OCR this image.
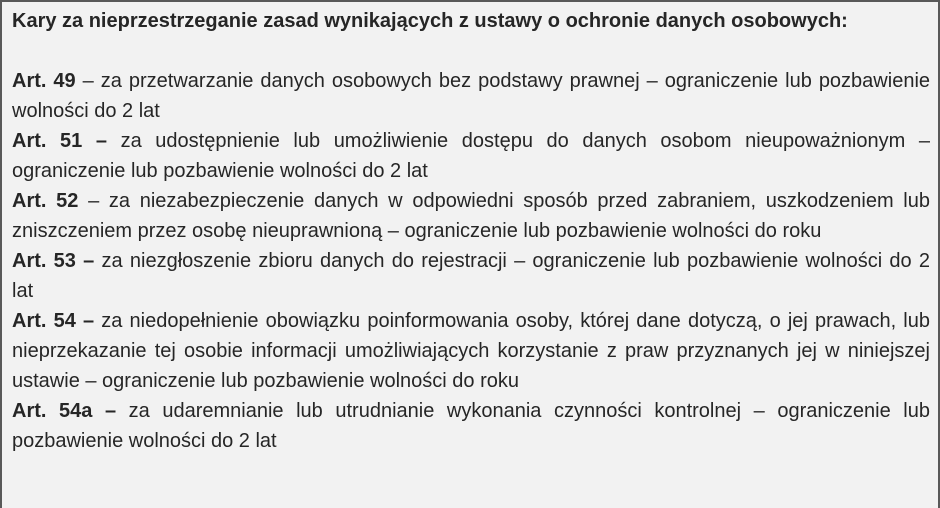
Kary za nieprzestrzeganie zasad wynikających z ustawy o ochronie danych osobowych:

Art. 49 – za przetwarzanie danych osobowych bez podstawy prawnej – ograniczenie lub pozbawienie wolności do 2 lat

Art. 51 – za udostępnienie lub umożliwienie dostępu do danych osobom nieupoważnionym – ograniczenie lub pozbawienie wolności do 2 lat

Art. 52 – za niezabezpieczenie danych w odpowiedni sposób przed zabraniem, uszkodzeniem lub zniszczeniem przez osobę nieuprawnioną – ograniczenie lub pozbawienie wolności do roku

Art. 53 – za niezgłoszenie zbioru danych do rejestracji – ograniczenie lub pozbawienie wolności do 2 lat

Art. 54 – za niedopełnienie obowiązku poinformowania osoby, której dane dotyczą, o jej prawach, lub nieprzekazanie tej osobie informacji umożliwiających korzystanie z praw przyznanych jej w niniejszej ustawie – ograniczenie lub pozbawienie wolności do roku

Art. 54a – za udaremnianie lub utrudnianie wykonania czynności kontrolnej – ograniczenie lub pozbawienie wolności do 2 lat
